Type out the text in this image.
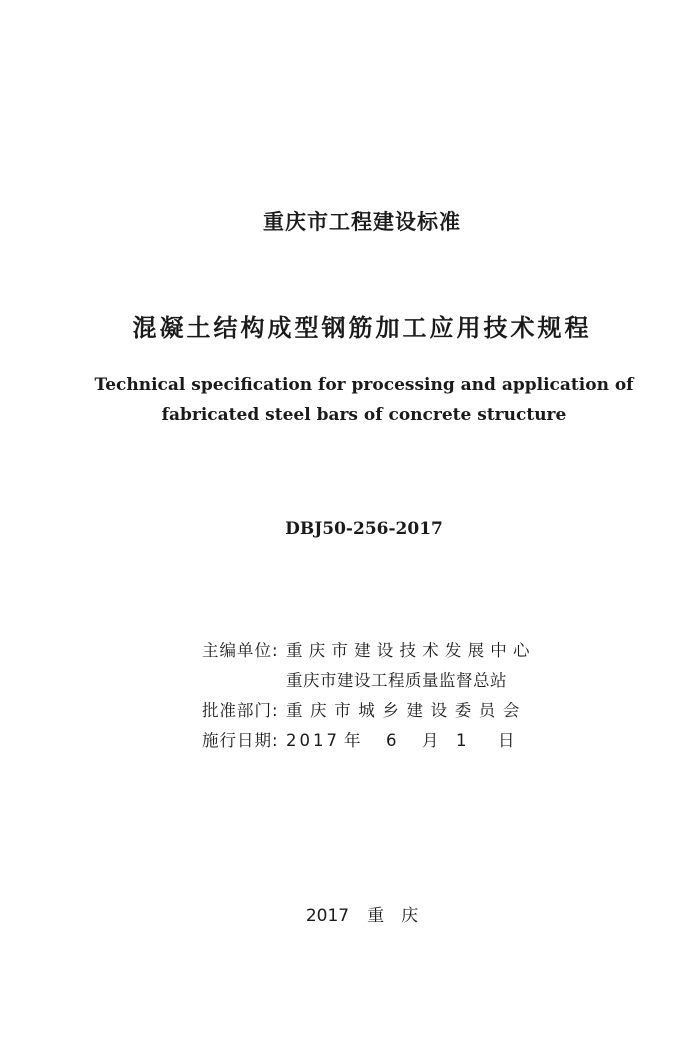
重庆市工程建设标准
混凝土结构成型钢筋加工应用技术规程
Technical specification for processing and application of
fabricated steel bars of concrete structure
DBJ50-256-2017
主编单位: 重庆市建设技术发展中心
重庆市建设工程质量监督总站
批准部门: 重庆市城乡建设委员会
施行日期: 2017 年	6	月	1	日
2017 重　庆
